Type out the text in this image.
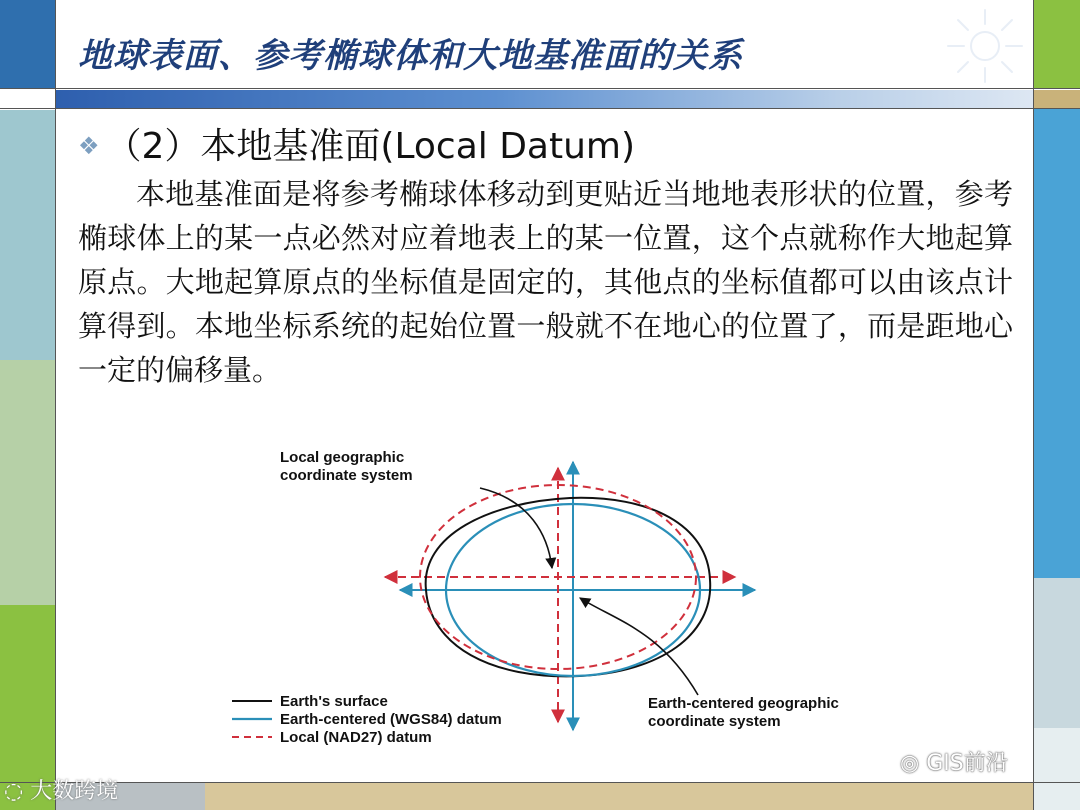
地球表面、参考椭球体和大地基准面的关系
❖ （2）本地基准面(Local Datum)
本地基准面是将参考椭球体移动到更贴近当地地表形状的位置，参考椭球体上的某一点必然对应着地表上的某一位置，这个点就称作大地起算原点。大地起算原点的坐标值是固定的，其他点的坐标值都可以由该点计算得到。本地坐标系统的起始位置一般就不在地心的位置了，而是距地心一定的偏移量。
Local geographic
coordinate system
Earth-centered geographic
coordinate system
Earth's surface
Earth-centered (WGS84) datum
Local (NAD27) datum
◎ GIS前沿
◌ 大数跨境
